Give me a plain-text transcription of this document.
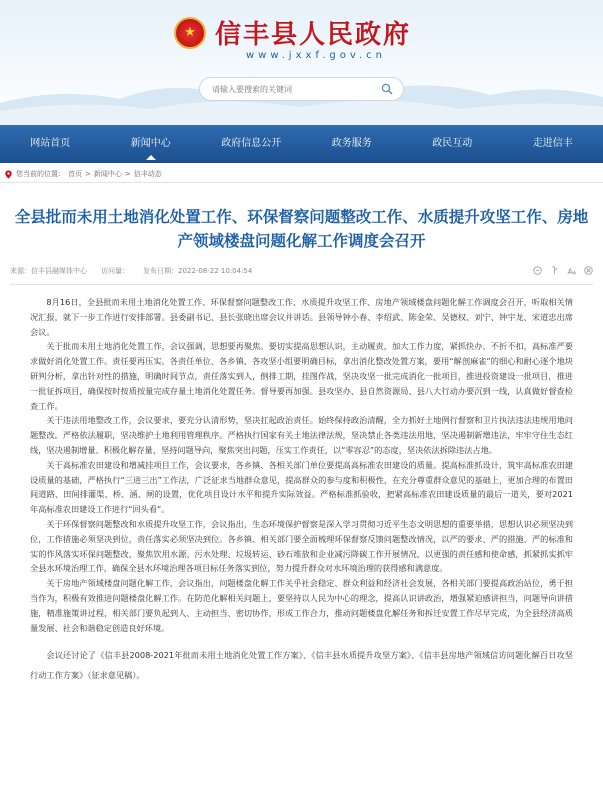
★ 信丰县人民政府
www.jxxf.gov.cn
请输入要搜索的关键词
网站首页	新闻中心	政府信息公开	政务服务	政民互动	走进信丰
您当前的位置： 首页 > 新闻中心 > 信丰动态
全县批而未用土地消化处置工作、环保督察问题整改工作、水质提升攻坚工作、房地产领域楼盘问题化解工作调度会召开
来源：信丰县融媒体中心 访问量： 发布日期：2022-08-22 10:04:54

8月16日，全县批而未用土地消化处置工作、环保督察问题整改工作、水质提升攻坚工作、房地产领域楼盘问题化解工作调度会召开，听取相关情况汇报，就下一步工作进行安排部署。县委副书记、县长张晓出席会议并讲话。县领导钟小春、李绍武、陈金荣、吴德权、刘宁、钟宇龙、宋道忠出席会议。

关于批而未用土地消化处置工作，会议强调，思想要再聚焦。要切实提高思想认识，主动履责，加大工作力度，紧抓快办、不折不扣，高标准严要求做好消化处置工作。责任要再压实。各责任单位、各乡镇、各攻坚小组要明确目标，拿出消化整改处置方案，要用“解剖麻雀”的细心和耐心逐个地块研判分析，拿出针对性的措施，明确时间节点，责任落实到人，倒排工期，挂图作战，坚决攻坚一批完成消化一批项目，推进投资建设一批项目，推进一批征拆项目，确保按时按质按量完成存量土地消化处置任务。督导要再加强。县攻坚办、县自然资源局、县八大行动办要沉到一线，认真做好督查检查工作。

关于违法用地整改工作，会议要求，要充分认清形势，坚决扛起政治责任。始终保持政治清醒，全力抓好土地例行督察和卫片执法违法违规用地问题整改。严格依法履职，坚决维护土地利用管理秩序。严格执行国家有关土地法律法规，坚决禁止各类违法用地，坚决遏制新增违法，牢牢守住生态红线，坚决遏制增量、积极化解存量，坚持问题导向，聚焦突出问题，压实工作责任，以“零容忍”的态度，坚决依法拆除违法占地。

关于高标准农田建设和增减挂项目工作，会议要求，各乡镇、各相关部门单位要提高高标准农田建设的质量。提高标准抓设计，筑牢高标准农田建设质量的基础，严格执行“三进三出”工作法，广泛征求当地群众意见，提高群众的参与度和积极性，在充分尊重群众意见的基础上，更加合理的布置田间道路、田间排灌渠、桥、涵、闸的设置，优化项目设计水平和提升实际效益。严格标准抓验收，把紧高标准农田建设质量的最后一道关，要对2021年高标准农田建设工作进行“回头看”。

关于环保督察问题整改和水质提升攻坚工作，会议指出，生态环境保护督察是深入学习贯彻习近平生态文明思想的重要举措，思想认识必须坚决到位，工作措施必须坚决到位，责任落实必须坚决到位。各乡镇、相关部门要全面梳理环保督察反馈问题整改情况，以严的要求、严的措施、严的标准和实的作风落实环保问题整改，聚焦饮用水源、污水处理、垃圾转运、砂石堆放和企业减污降碳工作开展情况，以更强的责任感和使命感，抓紧抓实抓牢全县水环境治理工作，确保全县水环境治理各项目标任务落实到位，努力提升群众对水环境治理的获得感和满意度。

关于房地产领域楼盘问题化解工作，会议指出，问题楼盘化解工作关乎社会稳定、群众利益和经济社会发展，各相关部门要提高政治站位，勇于担当作为，积极有效推进问题楼盘化解工作。在防范化解相关问题上，要坚持以人民为中心的理念，提高认识讲政治，增强紧迫感讲担当，问题导向讲措施，精准施策讲过程，相关部门要负起到人、主动担当、密切协作，形成工作合力，推动问题楼盘化解任务和拆迁安置工作尽早完成，为全县经济高质量发展、社会和谐稳定创造良好环境。

会议还讨论了《信丰县2008-2021年批而未用土地消化处置工作方案》、《信丰县水质提升攻坚方案》、《信丰县房地产领域信访问题化解百日攻坚行动工作方案》（征求意见稿）。
